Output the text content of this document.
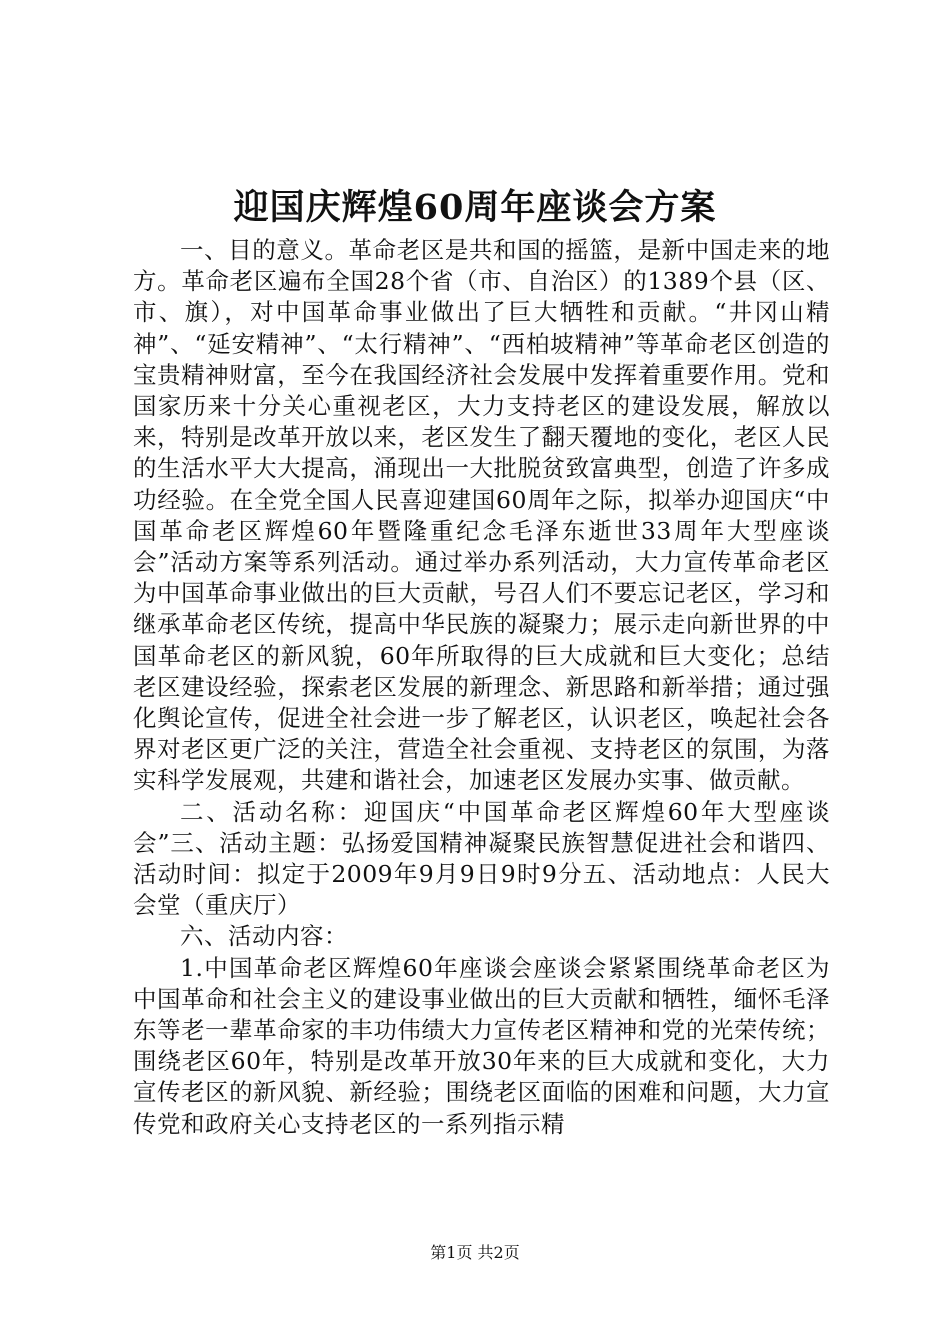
迎国庆辉煌60周年座谈会方案

一、目的意义。革命老区是共和国的摇篮，是新中国走来的地方。革命老区遍布全国28个省（市、自治区）的1389个县（区、市、旗），对中国革命事业做出了巨大牺牲和贡献。“井冈山精神”、“延安精神”、“太行精神”、“西柏坡精神”等革命老区创造的宝贵精神财富，至今在我国经济社会发展中发挥着重要作用。党和国家历来十分关心重视老区，大力支持老区的建设发展，解放以来，特别是改革开放以来，老区发生了翻天覆地的变化，老区人民的生活水平大大提高，涌现出一大批脱贫致富典型，创造了许多成功经验。在全党全国人民喜迎建国60周年之际，拟举办迎国庆“中国革命老区辉煌60年暨隆重纪念毛泽东逝世33周年大型座谈会”活动方案等系列活动。通过举办系列活动，大力宣传革命老区为中国革命事业做出的巨大贡献，号召人们不要忘记老区，学习和继承革命老区传统，提高中华民族的凝聚力；展示走向新世界的中国革命老区的新风貌，60年所取得的巨大成就和巨大变化；总结老区建设经验，探索老区发展的新理念、新思路和新举措；通过强化舆论宣传，促进全社会进一步了解老区，认识老区，唤起社会各界对老区更广泛的关注，营造全社会重视、支持老区的氛围，为落实科学发展观，共建和谐社会，加速老区发展办实事、做贡献。

二、活动名称：迎国庆“中国革命老区辉煌60年大型座谈会”三、活动主题：弘扬爱国精神凝聚民族智慧促进社会和谐四、活动时间：拟定于2009年9月9日9时9分五、活动地点：人民大会堂（重庆厅）

六、活动内容：

1.中国革命老区辉煌60年座谈会座谈会紧紧围绕革命老区为中国革命和社会主义的建设事业做出的巨大贡献和牺牲，缅怀毛泽东等老一辈革命家的丰功伟绩大力宣传老区精神和党的光荣传统；围绕老区60年，特别是改革开放30年来的巨大成就和变化，大力宣传老区的新风貌、新经验；围绕老区面临的困难和问题，大力宣传党和政府关心支持老区的一系列指示精

第1页 共2页
